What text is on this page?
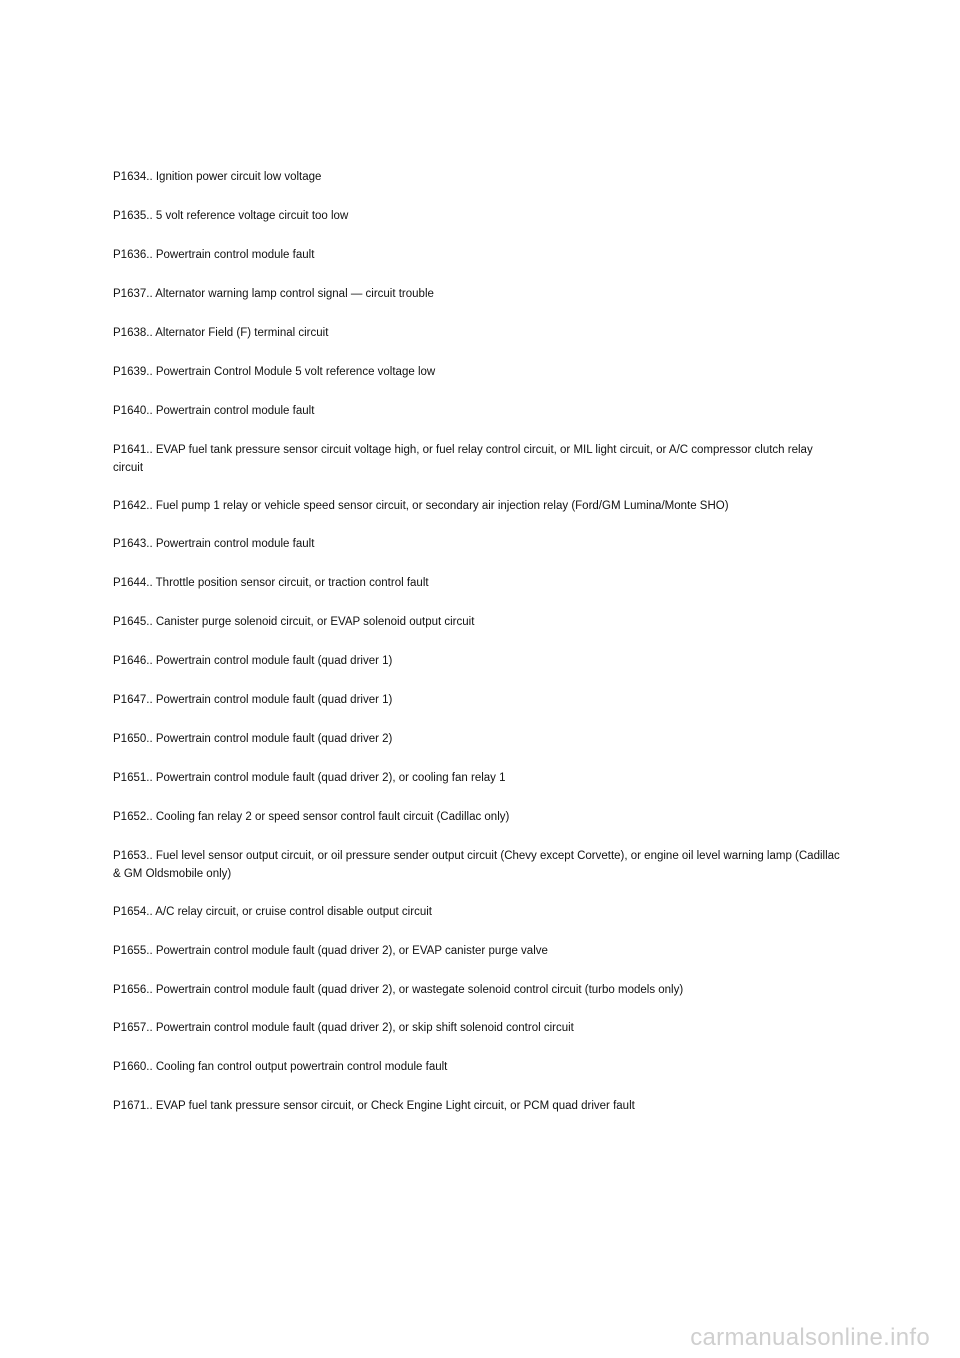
P1634.. Ignition power circuit low voltage
P1635.. 5 volt reference voltage circuit too low
P1636.. Powertrain control module fault
P1637.. Alternator warning lamp control signal — circuit trouble
P1638.. Alternator Field (F) terminal circuit
P1639.. Powertrain Control Module 5 volt reference voltage low
P1640.. Powertrain control module fault
P1641.. EVAP fuel tank pressure sensor circuit voltage high, or fuel relay control circuit, or MIL light circuit, or A/C compressor clutch relay circuit
P1642.. Fuel pump 1 relay or vehicle speed sensor circuit, or secondary air injection relay (Ford/GM Lumina/Monte SHO)
P1643.. Powertrain control module fault
P1644.. Throttle position sensor circuit, or traction control fault
P1645.. Canister purge solenoid circuit, or EVAP solenoid output circuit
P1646.. Powertrain control module fault (quad driver 1)
P1647.. Powertrain control module fault (quad driver 1)
P1650.. Powertrain control module fault (quad driver 2)
P1651.. Powertrain control module fault (quad driver 2), or cooling fan relay 1
P1652.. Cooling fan relay 2 or speed sensor control fault circuit (Cadillac only)
P1653.. Fuel level sensor output circuit, or oil pressure sender output circuit (Chevy except Corvette), or engine oil level warning lamp (Cadillac & GM Oldsmobile only)
P1654.. A/C relay circuit, or cruise control disable output circuit
P1655.. Powertrain control module fault (quad driver 2), or EVAP canister purge valve
P1656.. Powertrain control module fault (quad driver 2), or wastegate solenoid control circuit (turbo models only)
P1657.. Powertrain control module fault (quad driver 2), or skip shift solenoid control circuit
P1660.. Cooling fan control output powertrain control module fault
P1671.. EVAP fuel tank pressure sensor circuit, or Check Engine Light circuit, or PCM quad driver fault
carmanualsonline.info
